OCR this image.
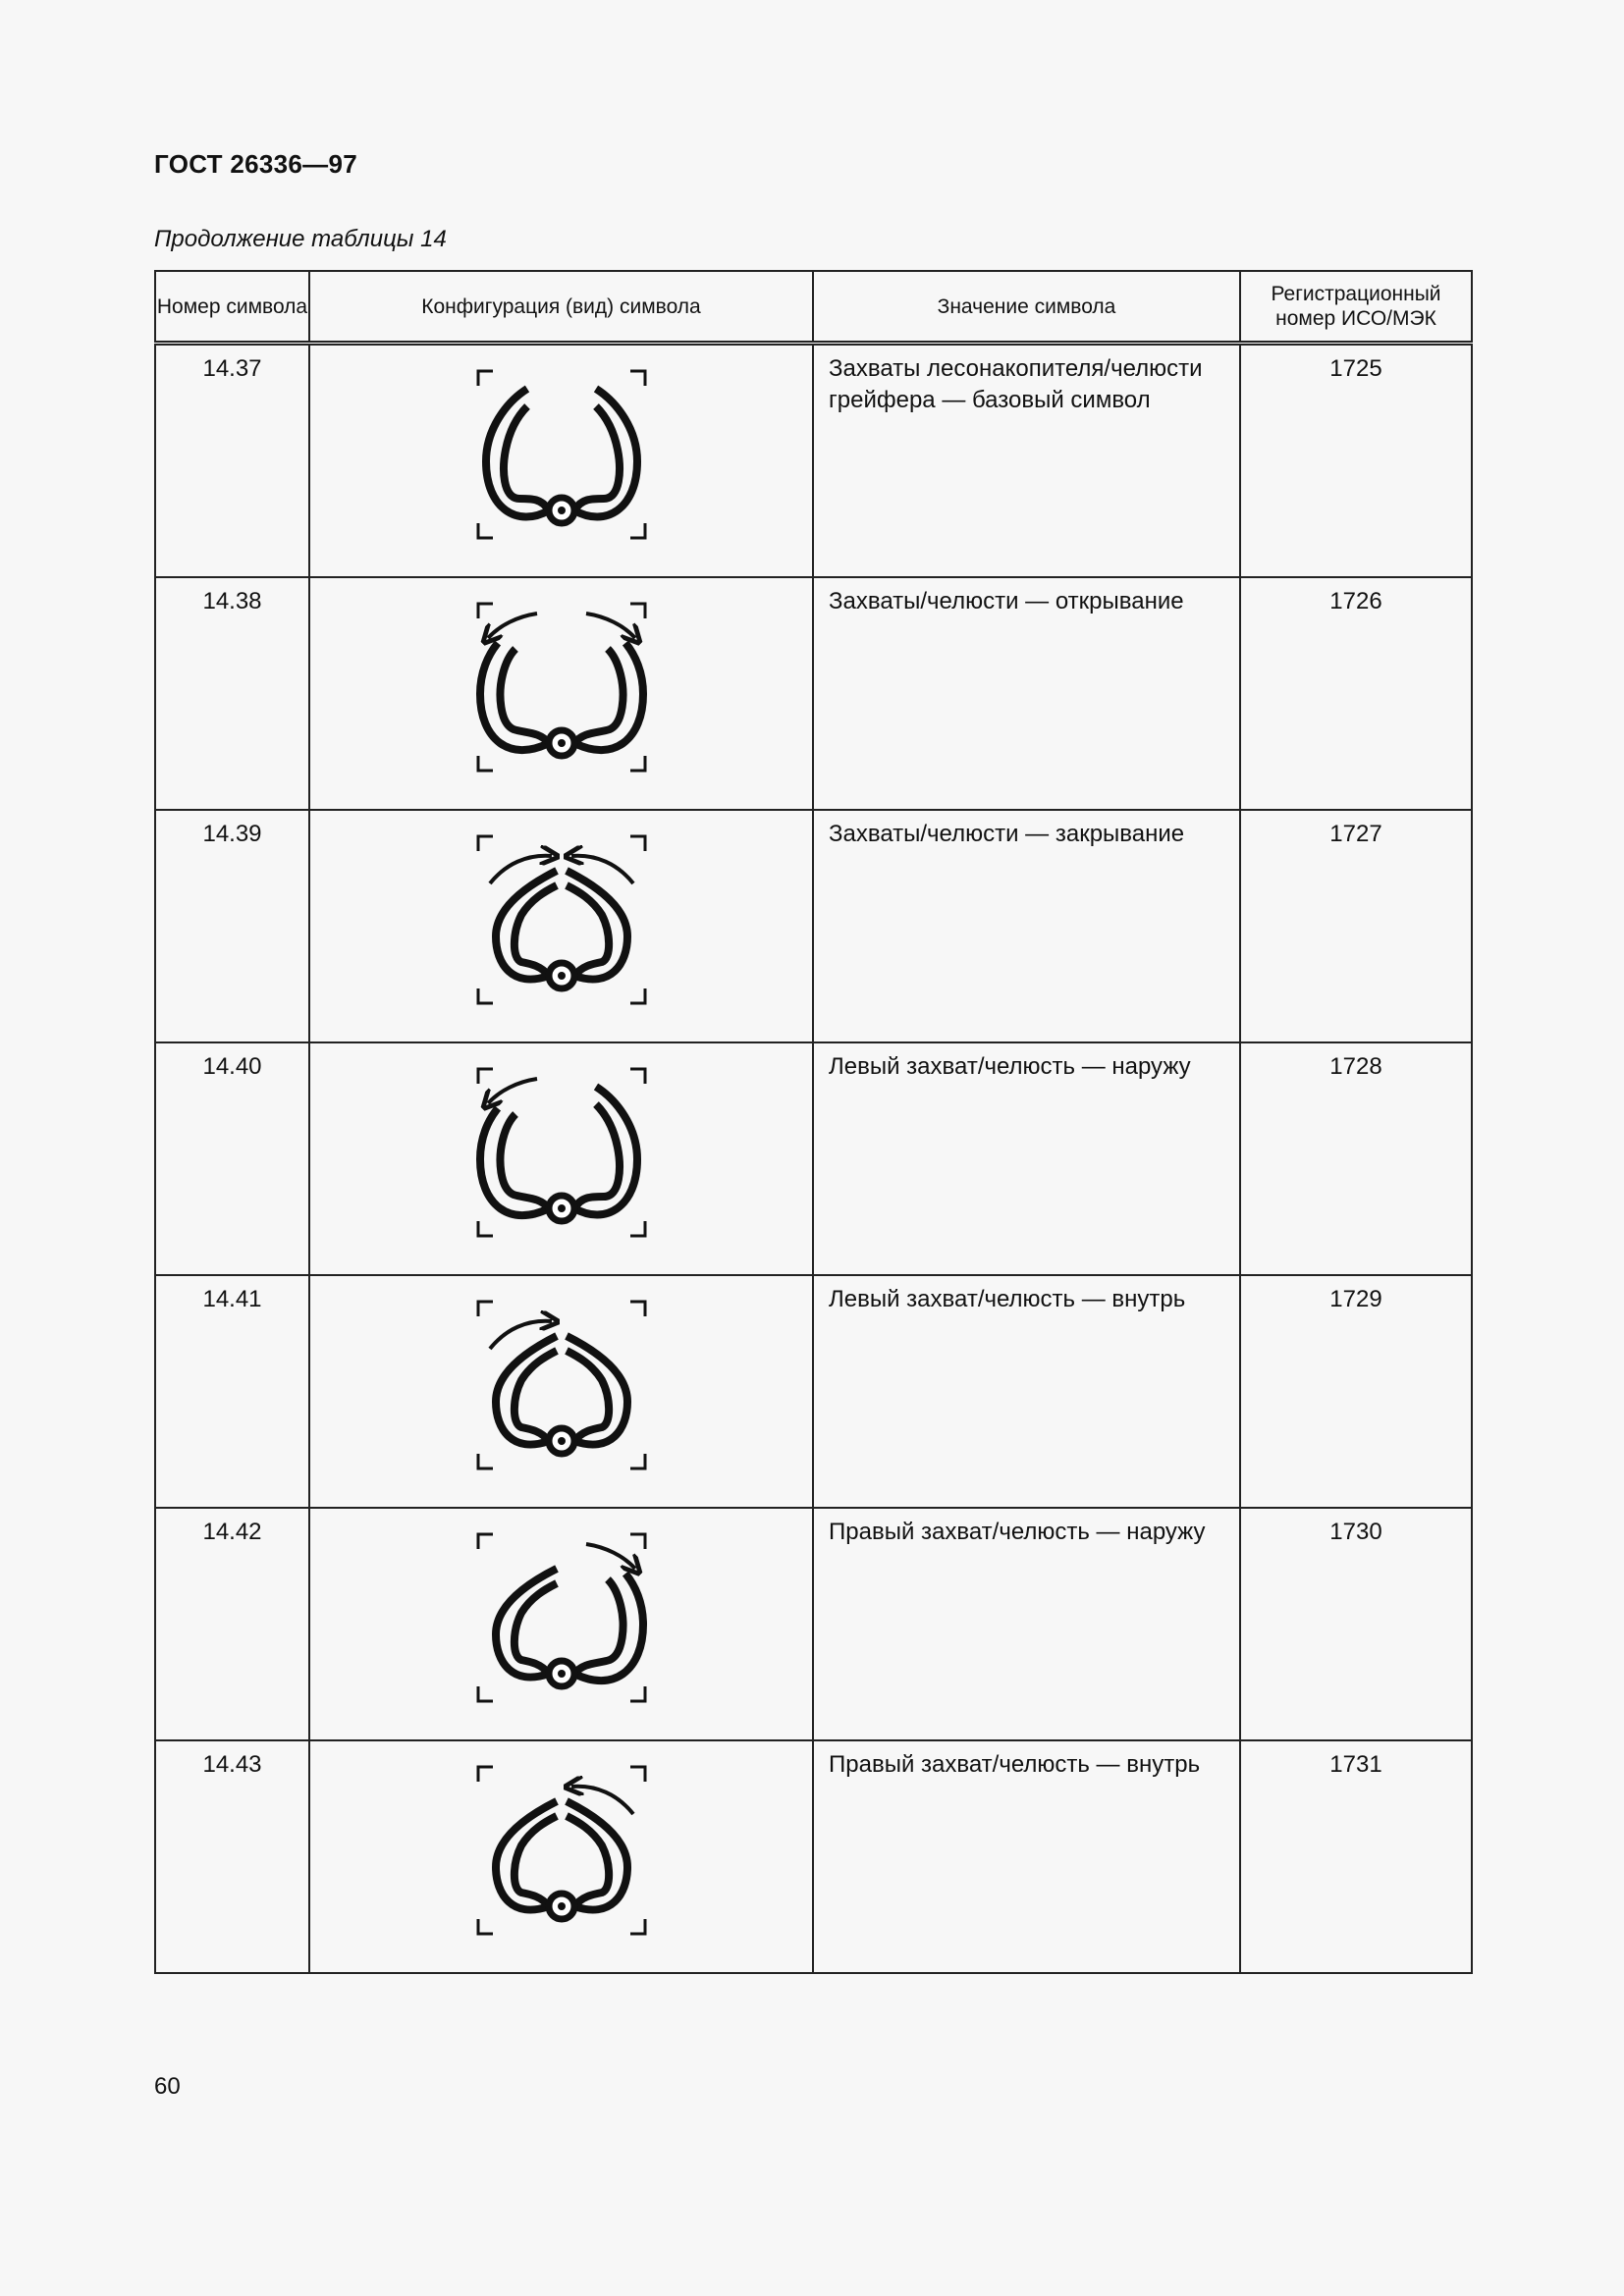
ГОСТ 26336—97
Продолжение таблицы 14
Номер символа	Конфигурация (вид) символа	Значение символа	Регистрационный номер ИСО/МЭК
14.37		Захваты лесонакопителя/челюсти грейфера — базовый символ	1725
14.38		Захваты/челюсти — открывание	1726
14.39		Захваты/челюсти — закрывание	1727
14.40		Левый захват/челюсть — наружу	1728
14.41		Левый захват/челюсть — внутрь	1729
14.42		Правый захват/челюсть — наружу	1730
14.43		Правый захват/челюсть — внутрь	1731
60
